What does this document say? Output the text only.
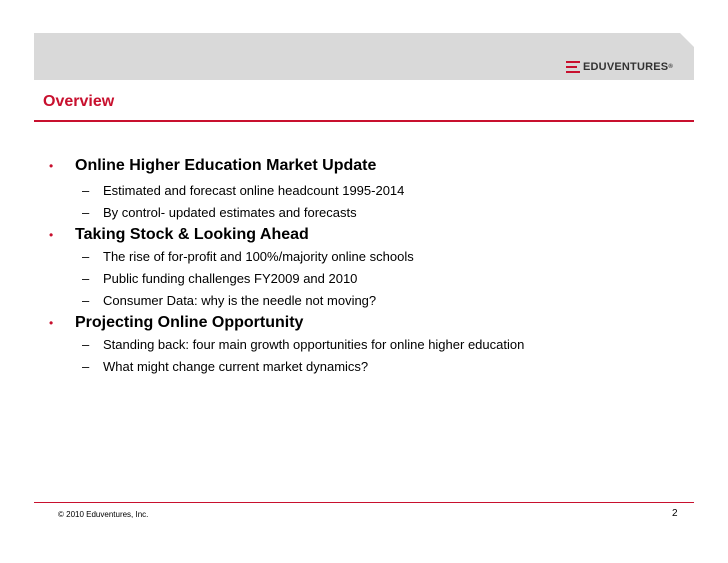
EDUVENTURES®
Overview
• Online Higher Education Market Update
– Estimated and forecast online headcount 1995-2014
– By control- updated estimates and forecasts
• Taking Stock & Looking Ahead
– The rise of for-profit and 100%/majority online schools
– Public funding challenges FY2009 and 2010
– Consumer Data: why is the needle not moving?
• Projecting Online Opportunity
– Standing back: four main growth opportunities for online higher education
– What might change current market dynamics?
© 2010 Eduventures, Inc.	2
